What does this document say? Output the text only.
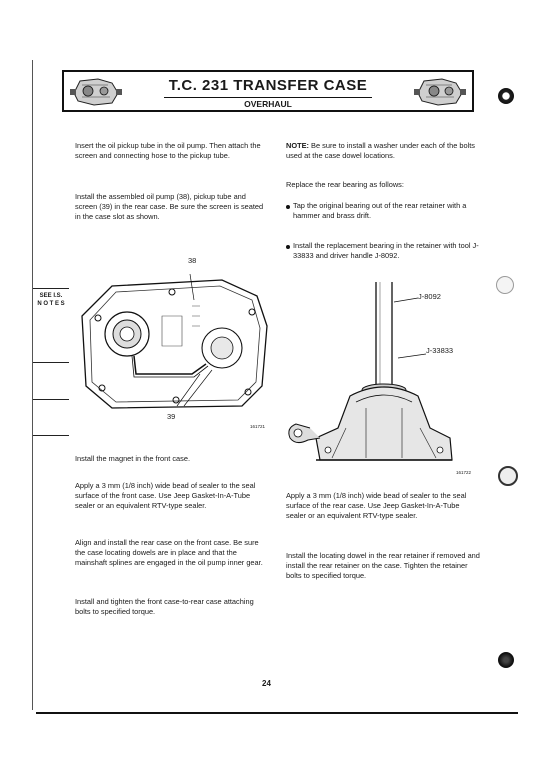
T.C. 231 TRANSFER CASE
OVERHAUL
SEE I.S. N O T E S

Insert the oil pickup tube in the oil pump. Then attach the screen and connecting hose to the pickup tube.

Install the assembled oil pump (38), pickup tube and screen (39) in the rear case. Be sure the screen is seated in the case slot as shown.

38
39
161721

Install the magnet in the front case.

Apply a 3 mm (1/8 inch) wide bead of sealer to the seal surface of the front case. Use Jeep Gasket-In-A-Tube sealer or an equivalent RTV-type sealer.

Align and install the rear case on the front case. Be sure the case locating dowels are in place and that the mainshaft splines are engaged in the oil pump inner gear.

Install and tighten the front case-to-rear case attaching bolts to specified torque.

NOTE: Be sure to install a washer under each of the bolts used at the case dowel locations.

Replace the rear bearing as follows:

Tap the original bearing out of the rear retainer with a hammer and brass drift.

Install the replacement bearing in the retainer with tool J-33833 and driver handle J-8092.

J-8092
J-33833
161722

Apply a 3 mm (1/8 inch) wide bead of sealer to the seal surface of the rear case. Use Jeep Gasket-In-A-Tube sealer or an equivalent RTV-type sealer.

Install the locating dowel in the rear retainer if removed and install the rear retainer on the case. Tighten the retainer bolts to specified torque.

24
